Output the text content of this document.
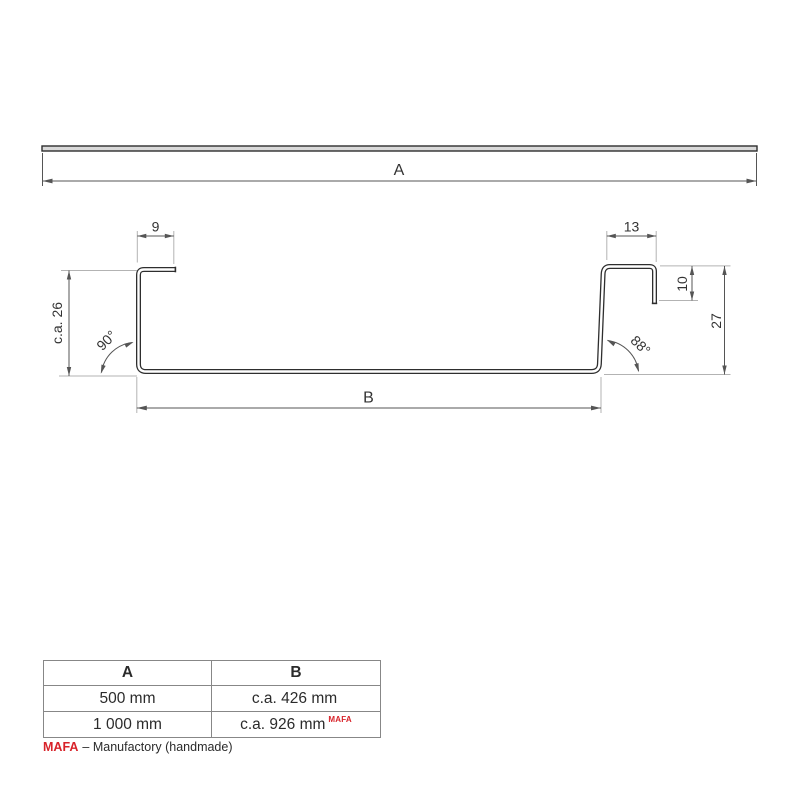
A
9	13
c.a. 26
10
27
B
90°	88°
A	B
500 mm	c.a. 426 mm
1 000 mm	c.a. 926 mm $^{MAFA}$
MAFA – Manufactory (handmade)
